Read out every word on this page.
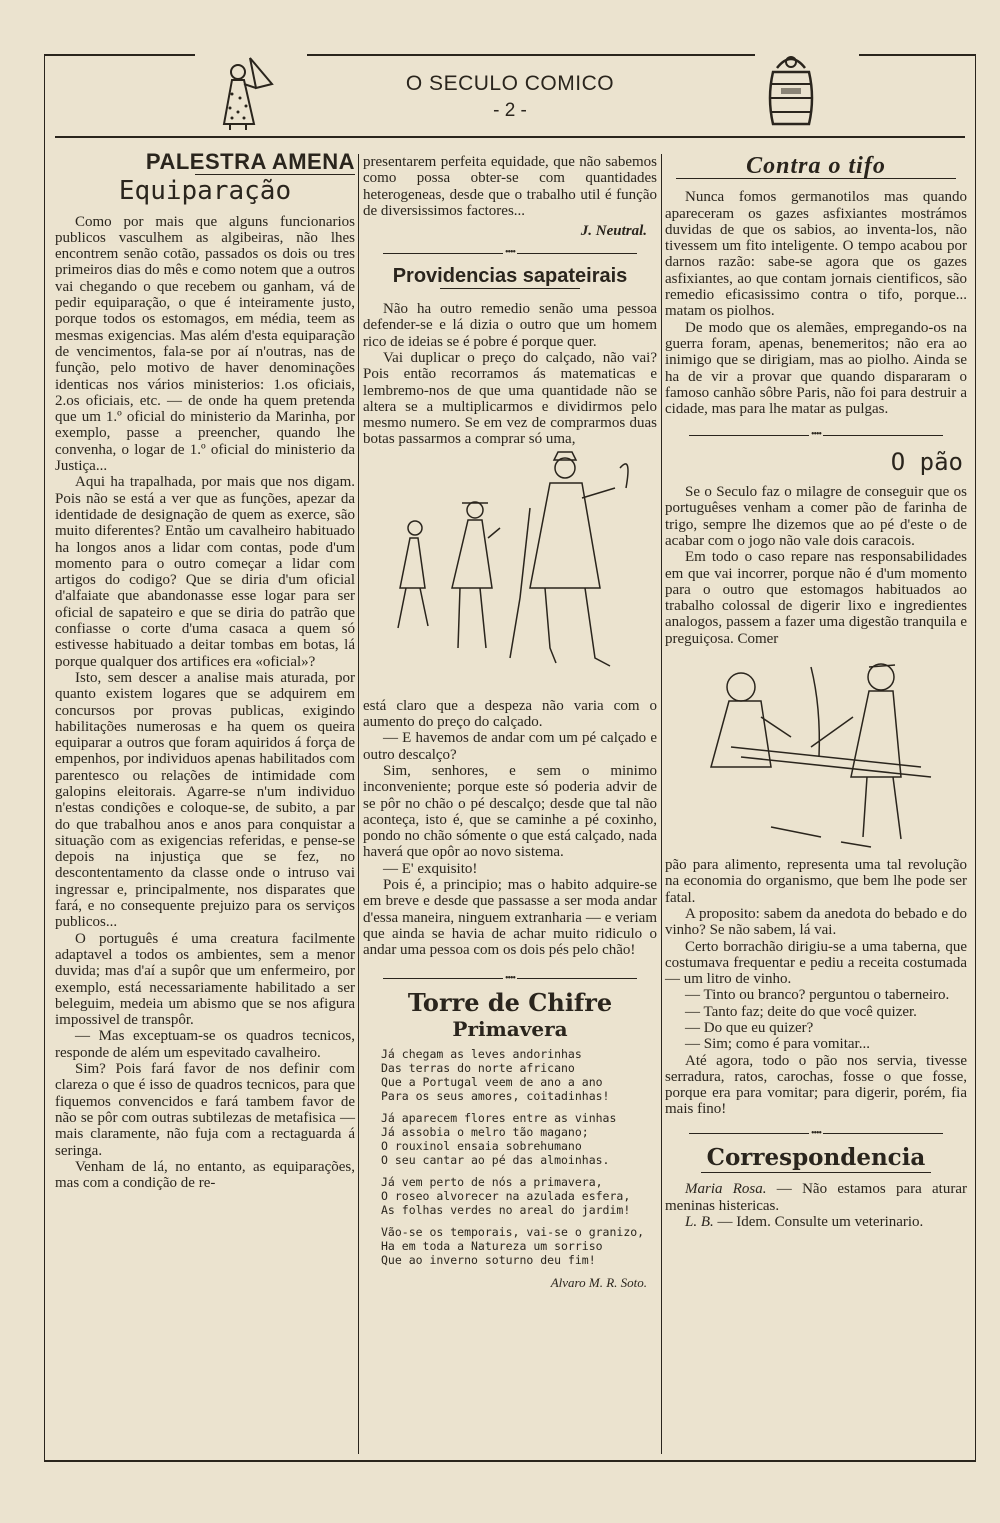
O SECULO COMICO
- 2 -
PALESTRA AMENA
Equiparação

Como por mais que alguns funcionarios publicos vasculhem as algibeiras, não lhes encontrem senão cotão, passados os dois ou tres primeiros dias do mês e como notem que a outros vai chegando o que recebem ou ganham, vá de pedir equiparação, o que é inteiramente justo, porque todos os estomagos, em média, teem as mesmas exigencias. Mas além d'esta equiparação de vencimentos, fala-se por aí n'outras, nas de função, pelo motivo de haver denominações identicas nos vários ministerios: 1.os oficiais, 2.os oficiais, etc. — de onde ha quem pretenda que um 1.º oficial do ministerio da Marinha, por exemplo, passe a preencher, quando lhe convenha, o logar de 1.º oficial do ministerio da Justiça...

Aqui ha trapalhada, por mais que nos digam. Pois não se está a ver que as funções, apezar da identidade de designação de quem as exerce, são muito diferentes? Então um cavalheiro habituado ha longos anos a lidar com contas, pode d'um momento para o outro começar a lidar com artigos do codigo? Que se diria d'um oficial d'alfaiate que abandonasse esse logar para ser oficial de sapateiro e que se diria do patrão que confiasse o corte d'uma casaca a quem só estivesse habituado a deitar tombas em botas, lá porque qualquer dos artifices era «oficial»?

Isto, sem descer a analise mais aturada, por quanto existem logares que se adquirem em concursos por provas publicas, exigindo habilitações numerosas e ha quem os queira equiparar a outros que foram aquiridos á força de empenhos, por individuos apenas habilitados com parentesco ou relações de intimidade com galopins eleitorais. Agarre-se n'um individuo n'estas condições e coloque-se, de subito, a par do que trabalhou anos e anos para conquistar a situação com as exigencias referidas, e pense-se depois na injustiça que se fez, no descontentamento da classe onde o intruso vai ingressar e, principalmente, nos disparates que fará, e no consequente prejuizo para os serviços publicos...

O português é uma creatura facilmente adaptavel a todos os ambientes, sem a menor duvida; mas d'aí a supôr que um enfermeiro, por exemplo, está necessariamente habilitado a ser beleguim, medeia um abismo que se nos afigura impossivel de transpôr.

— Mas exceptuam-se os quadros tecnicos, responde de além um espevitado cavalheiro.

Sim? Pois fará favor de nos definir com clareza o que é isso de quadros tecnicos, para que fiquemos convencidos e fará tambem favor de não se pôr com outras subtilezas de metafisica — mais claramente, não fuja com a rectaguarda á seringa.

Venham de lá, no entanto, as equiparações, mas com a condição de re-

presentarem perfeita equidade, que não sabemos como possa obter-se com quantidades heterogeneas, desde que o trabalho util é função de diversissimos factores...

J. Neutral.
••••
Providencias sapateirais

Não ha outro remedio senão uma pessoa defender-se e lá dizia o outro que um homem rico de ideias se é pobre é porque quer.

Vai duplicar o preço do calçado, não vai? Pois então recorramos ás matematicas e lembremo-nos de que uma quantidade não se altera se a multiplicarmos e dividirmos pelo mesmo numero. Se em vez de comprarmos duas botas passarmos a comprar só uma,

está claro que a despeza não varia com o aumento do preço do calçado.

— E havemos de andar com um pé calçado e outro descalço?

Sim, senhores, e sem o minimo inconveniente; porque este só poderia advir de se pôr no chão o pé descalço; desde que tal não aconteça, isto é, que se caminhe a pé coxinho, pondo no chão sómente o que está calçado, nada haverá que opôr ao novo sistema.

— E' exquisito!

Pois é, a principio; mas o habito adquire-se em breve e desde que passasse a ser moda andar d'essa maneira, ninguem extranharia — e veriam que ainda se havia de achar muito ridiculo o andar uma pessoa com os dois pés pelo chão!

••••
Torre de Chifre
Primavera
Já chegam as leves andorinhas
Das terras do norte africano
Que a Portugal veem de ano a ano
Para os seus amores, coitadinhas!
Já aparecem flores entre as vinhas
Já assobia o melro tão magano;
O rouxinol ensaia sobrehumano
O seu cantar ao pé das almoinhas.
Já vem perto de nós a primavera,
O roseo alvorecer na azulada esfera,
As folhas verdes no areal do jardim!
Vão-se os temporais, vai-se o granizo,
Ha em toda a Natureza um sorriso
Que ao inverno soturno deu fim!
Alvaro M. R. Soto.
Contra o tifo

Nunca fomos germanotilos mas quando apareceram os gazes asfixiantes mostrámos duvidas de que os sabios, ao inventa-los, não tivessem um fito inteligente. O tempo acabou por darnos razão: sabe-se agora que os gazes asfixiantes, ao que contam jornais cientificos, são remedio eficasissimo contra o tifo, porque... matam os piolhos.

De modo que os alemães, empregando-os na guerra foram, apenas, benemeritos; não era ao inimigo que se dirigiam, mas ao piolho. Ainda se ha de vir a provar que quando dispararam o famoso canhão sôbre Paris, não foi para destruir a cidade, mas para lhe matar as pulgas.

••••
O pão

Se o Seculo faz o milagre de conseguir que os portuguêses venham a comer pão de farinha de trigo, sempre lhe dizemos que ao pé d'este o de acabar com o jogo não vale dois caracois.

Em todo o caso repare nas responsabilidades em que vai incorrer, porque não é d'um momento para o outro que estomagos habituados ao trabalho colossal de digerir lixo e ingredientes analogos, passem a fazer uma digestão tranquila e preguiçosa. Comer

pão para alimento, representa uma tal revolução na economia do organismo, que bem lhe pode ser fatal.

A proposito: sabem da anedota do bebado e do vinho? Se não sabem, lá vai.

Certo borrachão dirigiu-se a uma taberna, que costumava frequentar e pediu a receita costumada — um litro de vinho.

— Tinto ou branco? perguntou o taberneiro.

— Tanto faz; deite do que você quizer.

— Do que eu quizer?

— Sim; como é para vomitar...

Até agora, todo o pão nos servia, tivesse serradura, ratos, carochas, fosse o que fosse, porque era para vomitar; para digerir, porém, fia mais fino!

••••
Correspondencia

Maria Rosa. — Não estamos para aturar meninas histericas.

L. B. — Idem. Consulte um veterinario.
